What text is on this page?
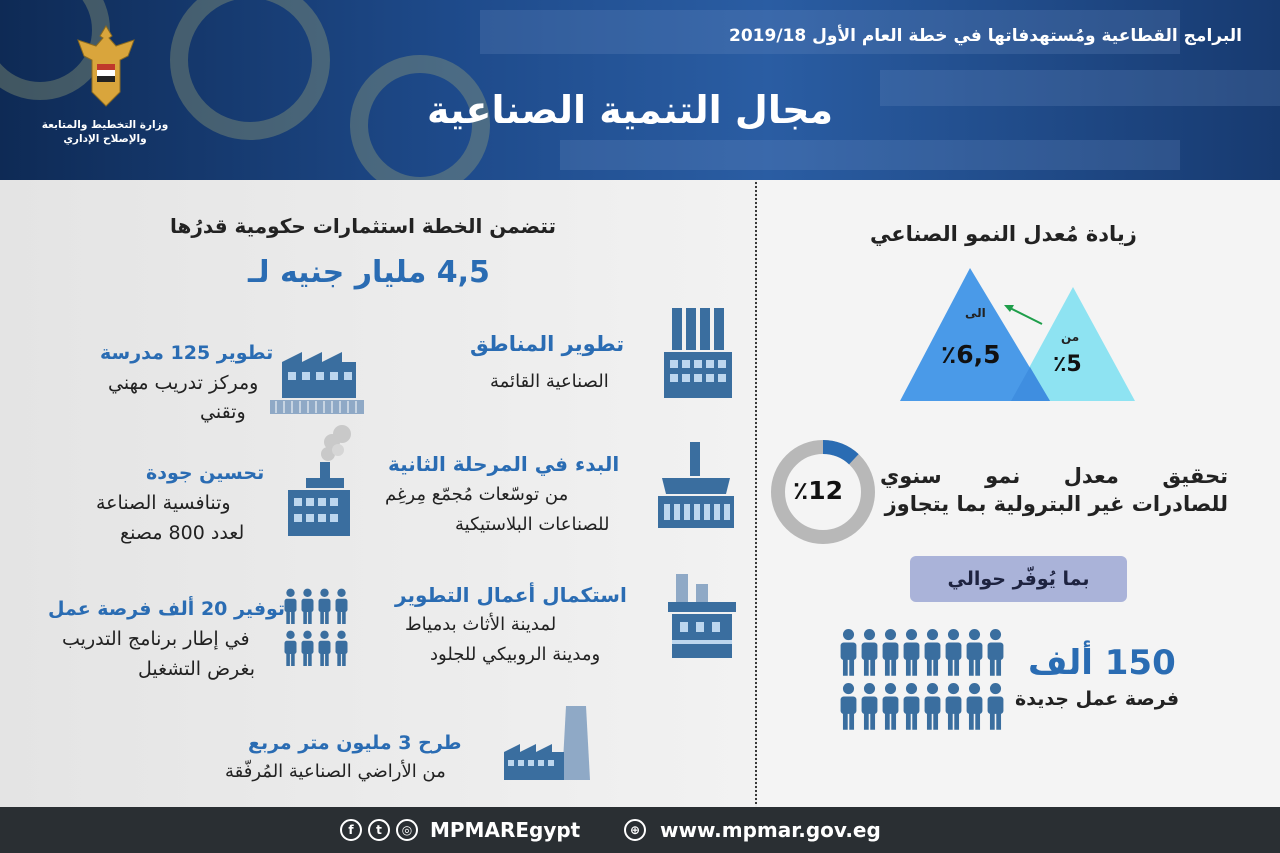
البرامج القطاعية ومُستهدفاتها في خطة العام الأول 2019/18
مجال التنمية الصناعية
وزارة التخطيط والمتابعة
والإصلاح الإداري
زيادة مُعدل النمو الصناعي
الى
٪6,5
من
٪5
٪12 تحقيق معدل نمو سنوي
للصادرات غير البترولية بما يتجاوز
بما يُوفّر حوالي
150 ألف
فرصة عمل جديدة
تتضمن الخطة استثمارات حكومية قدرُها
4,5 مليار جنيه لـ
تطوير المناطق
الصناعية القائمة
تطوير 125 مدرسة
ومركز تدريب مهني
وتقني
البدء في المرحلة الثانية
من توسّعات مُجمّع مِرغِم
للصناعات البلاستيكية
تحسين جودة
وتنافسية الصناعة
لعدد 800 مصنع
استكمال أعمال التطوير
لمدينة الأثاث بدمياط
ومدينة الروبيكي للجلود
توفير 20 ألف فرصة عمل
في إطار برنامج التدريب
بغرض التشغيل
طرح 3 مليون متر مربع
من الأراضي الصناعية المُرفّقة
f	t	◎ MPMAREgypt	⊕ www.mpmar.gov.eg
